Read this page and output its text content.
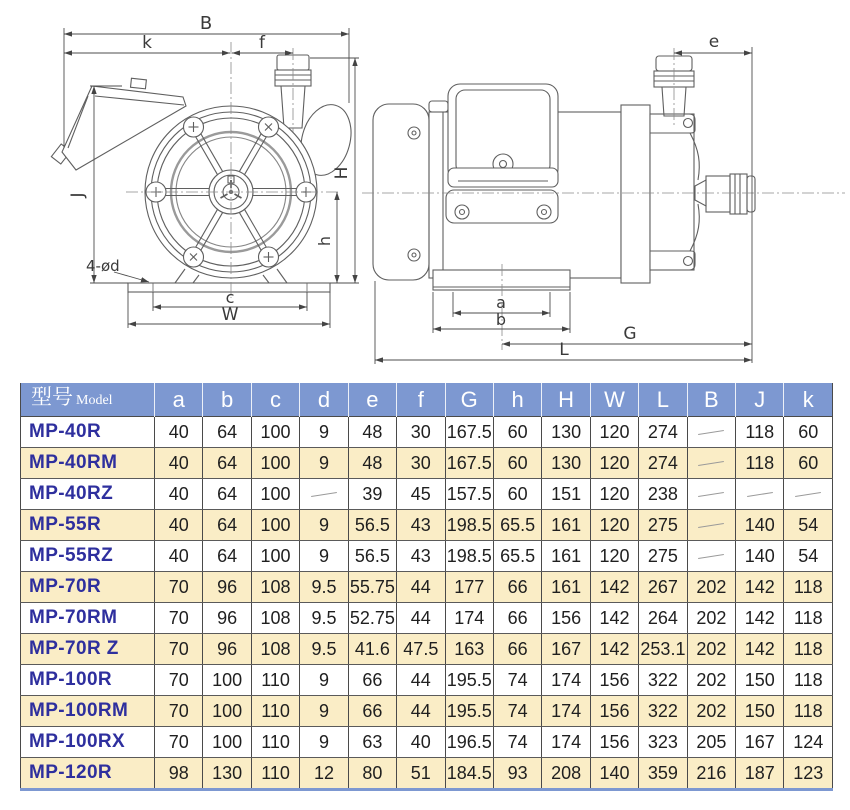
B
k	f
J
H
h
c
W
4-ød
e
a
b
G
L
型号 Model	a	b	c	d	e	f	G	h	H	W	L	B	J	k
MP-40R	40	64	100	9	48	30	167.5	60	130	120	274		118	60
MP-40RM	40	64	100	9	48	30	167.5	60	130	120	274		118	60
MP-40RZ	40	64	100		39	45	157.5	60	151	120	238			
MP-55R	40	64	100	9	56.5	43	198.5	65.5	161	120	275		140	54
MP-55RZ	40	64	100	9	56.5	43	198.5	65.5	161	120	275		140	54
MP-70R	70	96	108	9.5	55.75	44	177	66	161	142	267	202	142	118
MP-70RM	70	96	108	9.5	52.75	44	174	66	156	142	264	202	142	118
MP-70R Z	70	96	108	9.5	41.6	47.5	163	66	167	142	253.1	202	142	118
MP-100R	70	100	110	9	66	44	195.5	74	174	156	322	202	150	118
MP-100RM	70	100	110	9	66	44	195.5	74	174	156	322	202	150	118
MP-100RX	70	100	110	9	63	40	196.5	74	174	156	323	205	167	124
MP-120R	98	130	110	12	80	51	184.5	93	208	140	359	216	187	123
